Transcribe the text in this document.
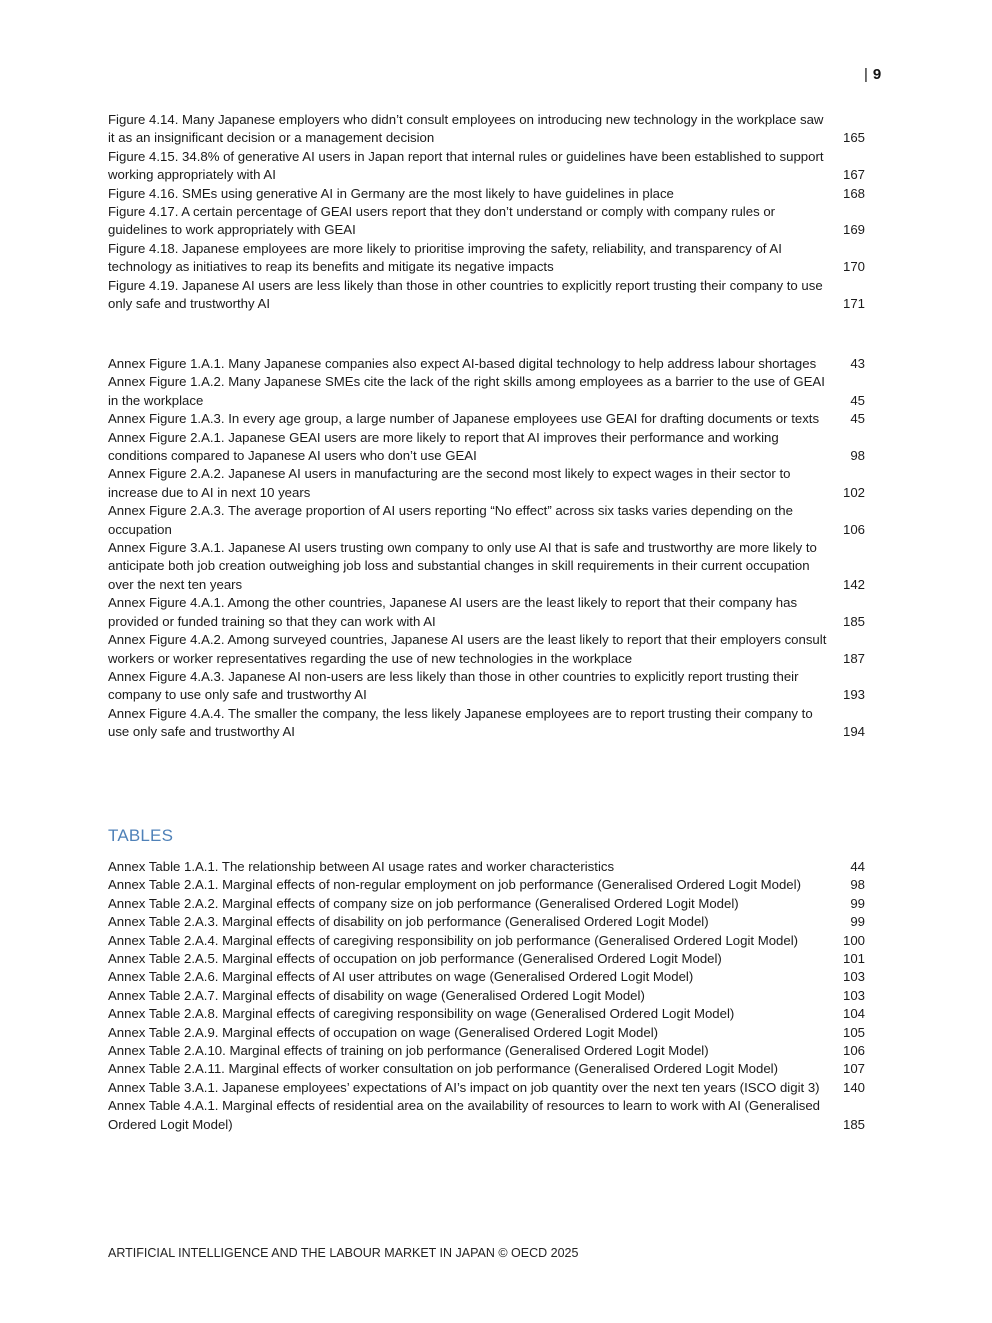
| 9
Figure 4.14. Many Japanese employers who didn’t consult employees on introducing new technology in the workplace saw it as an insignificant decision or a management decision	165
Figure 4.15. 34.8% of generative AI users in Japan report that internal rules or guidelines have been established to support working appropriately with AI	167
Figure 4.16. SMEs using generative AI in Germany are the most likely to have guidelines in place	168
Figure 4.17. A certain percentage of GEAI users report that they don’t understand or comply with company rules or guidelines to work appropriately with GEAI	169
Figure 4.18. Japanese employees are more likely to prioritise improving the safety, reliability, and transparency of AI technology as initiatives to reap its benefits and mitigate its negative impacts	170
Figure 4.19. Japanese AI users are less likely than those in other countries to explicitly report trusting their company to use only safe and trustworthy AI	171
Annex Figure 1.A.1. Many Japanese companies also expect AI-based digital technology to help address labour shortages	43
Annex Figure 1.A.2. Many Japanese SMEs cite the lack of the right skills among employees as a barrier to the use of GEAI in the workplace	45
Annex Figure 1.A.3. In every age group, a large number of Japanese employees use GEAI for drafting documents or texts	45
Annex Figure 2.A.1. Japanese GEAI users are more likely to report that AI improves their performance and working conditions compared to Japanese AI users who don’t use GEAI	98
Annex Figure 2.A.2. Japanese AI users in manufacturing are the second most likely to expect wages in their sector to increase due to AI in next 10 years	102
Annex Figure 2.A.3. The average proportion of AI users reporting “No effect” across six tasks varies depending on the occupation	106
Annex Figure 3.A.1. Japanese AI users trusting own company to only use AI that is safe and trustworthy are more likely to anticipate both job creation outweighing job loss and substantial changes in skill requirements in their current occupation over the next ten years	142
Annex Figure 4.A.1. Among the other countries, Japanese AI users are the least likely to report that their company has provided or funded training so that they can work with AI	185
Annex Figure 4.A.2. Among surveyed countries, Japanese AI users are the least likely to report that their employers consult workers or worker representatives regarding the use of new technologies in the workplace	187
Annex Figure 4.A.3. Japanese AI non-users are less likely than those in other countries to explicitly report trusting their company to use only safe and trustworthy AI	193
Annex Figure 4.A.4. The smaller the company, the less likely Japanese employees are to report trusting their company to use only safe and trustworthy AI	194
TABLES
Annex Table 1.A.1. The relationship between AI usage rates and worker characteristics	44
Annex Table 2.A.1. Marginal effects of non-regular employment on job performance (Generalised Ordered Logit Model)	98
Annex Table 2.A.2. Marginal effects of company size on job performance (Generalised Ordered Logit Model)	99
Annex Table 2.A.3. Marginal effects of disability on job performance (Generalised Ordered Logit Model)	99
Annex Table 2.A.4. Marginal effects of caregiving responsibility on job performance (Generalised Ordered Logit Model)	100
Annex Table 2.A.5. Marginal effects of occupation on job performance (Generalised Ordered Logit Model)	101
Annex Table 2.A.6. Marginal effects of AI user attributes on wage (Generalised Ordered Logit Model)	103
Annex Table 2.A.7. Marginal effects of disability on wage (Generalised Ordered Logit Model)	103
Annex Table 2.A.8. Marginal effects of caregiving responsibility on wage (Generalised Ordered Logit Model)	104
Annex Table 2.A.9. Marginal effects of occupation on wage (Generalised Ordered Logit Model)	105
Annex Table 2.A.10. Marginal effects of training on job performance (Generalised Ordered Logit Model)	106
Annex Table 2.A.11. Marginal effects of worker consultation on job performance (Generalised Ordered Logit Model)	107
Annex Table 3.A.1. Japanese employees’ expectations of AI’s impact on job quantity over the next ten years (ISCO digit 3)	140
Annex Table 4.A.1. Marginal effects of residential area on the availability of resources to learn to work with AI (Generalised Ordered Logit Model)	185
ARTIFICIAL INTELLIGENCE AND THE LABOUR MARKET IN JAPAN © OECD 2025
